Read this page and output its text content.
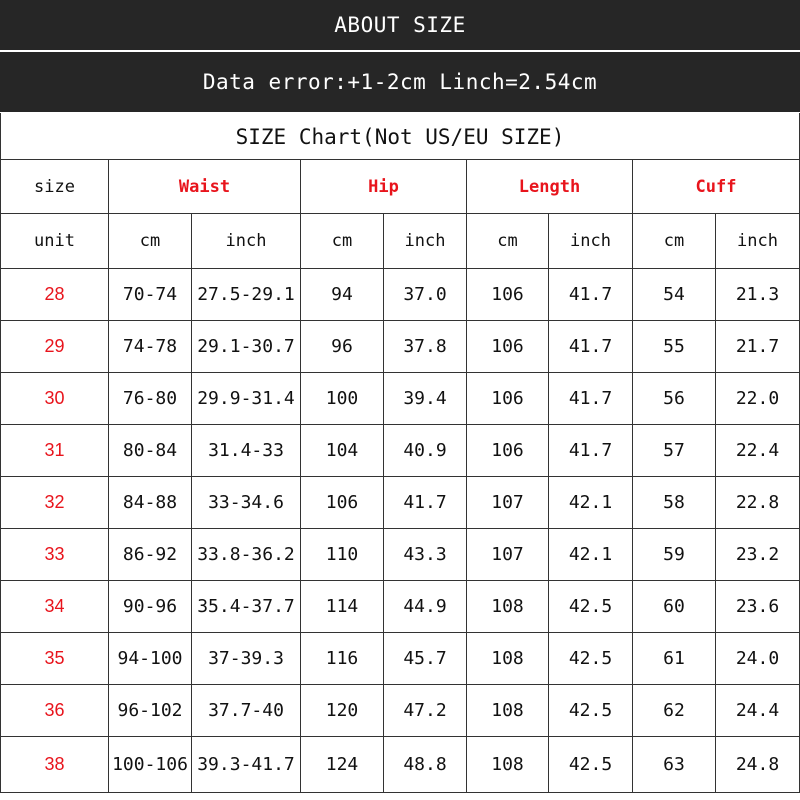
ABOUT SIZE
Data error:+1-2cm Linch=2.54cm
SIZE Chart(Not US/EU SIZE)
size	Waist		Hip		Length		Cuff	
unit	cm	inch	cm	inch	cm	inch	cm	inch
28	70-74	27.5-29.1	94	37.0	106	41.7	54	21.3
29	74-78	29.1-30.7	96	37.8	106	41.7	55	21.7
30	76-80	29.9-31.4	100	39.4	106	41.7	56	22.0
31	80-84	31.4-33	104	40.9	106	41.7	57	22.4
32	84-88	33-34.6	106	41.7	107	42.1	58	22.8
33	86-92	33.8-36.2	110	43.3	107	42.1	59	23.2
34	90-96	35.4-37.7	114	44.9	108	42.5	60	23.6
35	94-100	37-39.3	116	45.7	108	42.5	61	24.0
36	96-102	37.7-40	120	47.2	108	42.5	62	24.4
38	100-106	39.3-41.7	124	48.8	108	42.5	63	24.8
